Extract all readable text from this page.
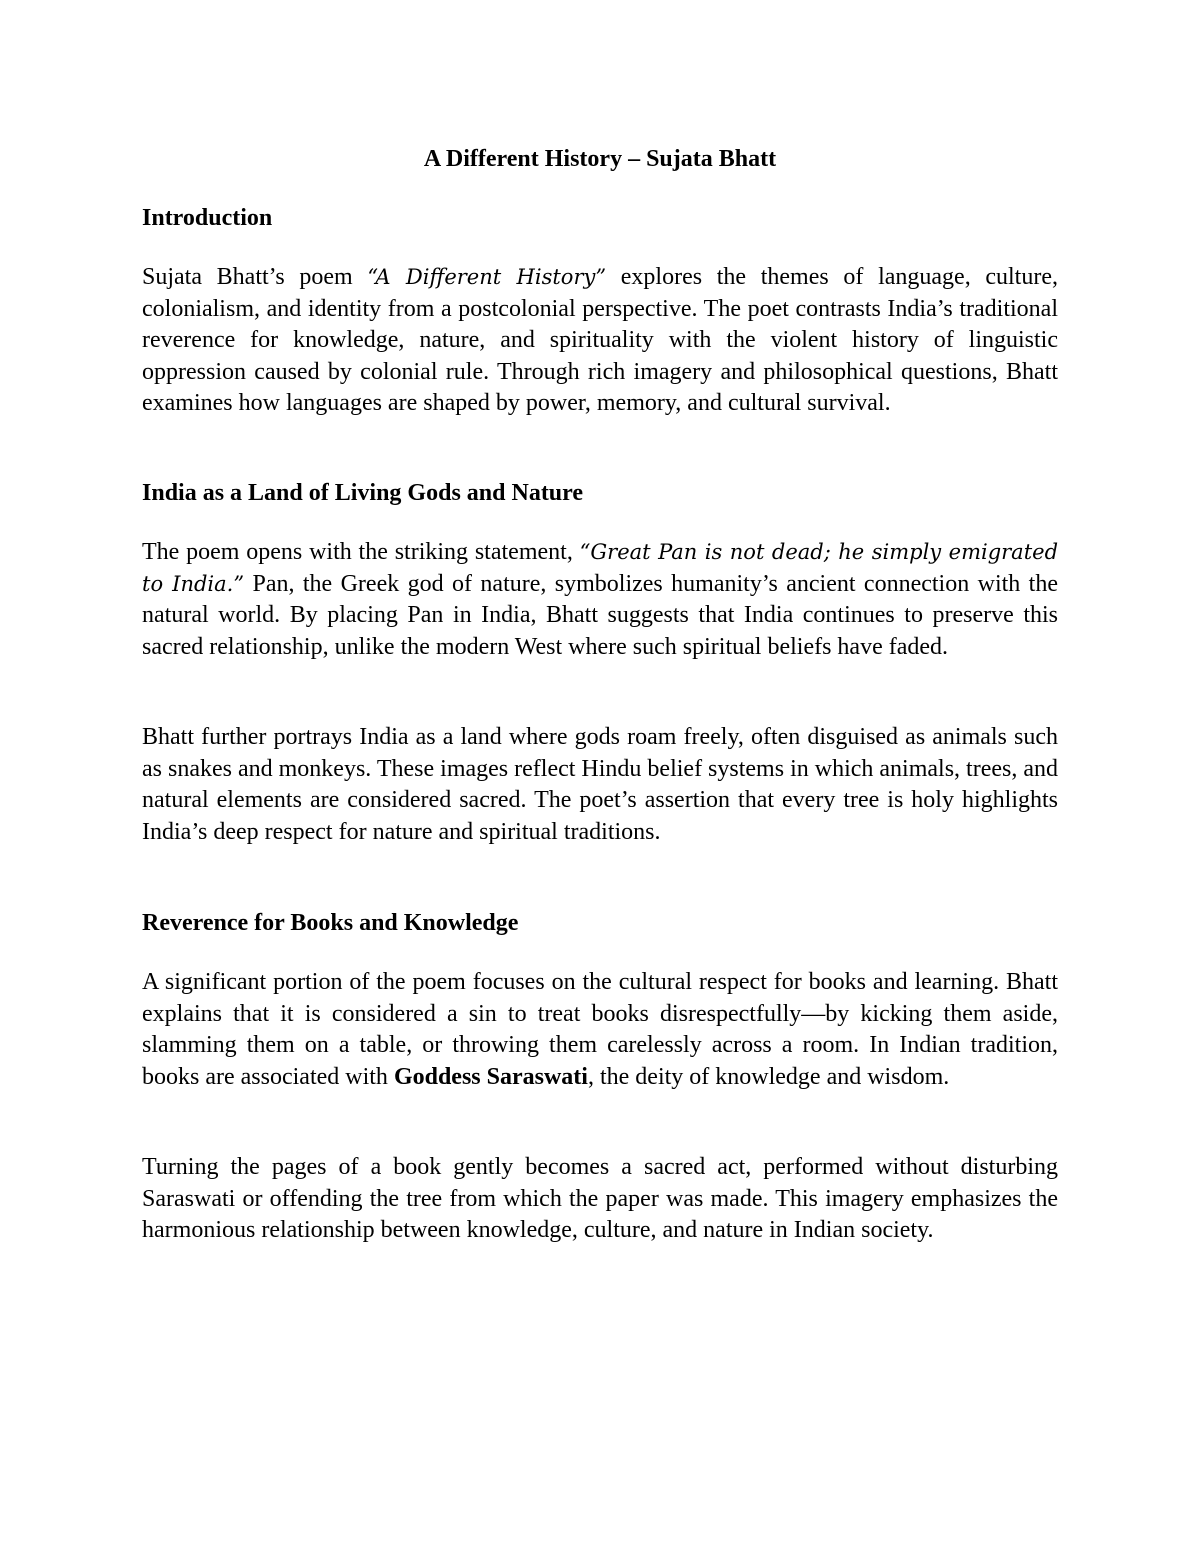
A Different History – Sujata Bhatt
Introduction

Sujata Bhatt’s poem “A Different History” explores the themes of language, culture, colonialism, and identity from a postcolonial perspective. The poet contrasts India’s traditional reverence for knowledge, nature, and spirituality with the violent history of linguistic oppression caused by colonial rule. Through rich imagery and philosophical questions, Bhatt examines how languages are shaped by power, memory, and cultural survival.

India as a Land of Living Gods and Nature

The poem opens with the striking statement, “Great Pan is not dead; he simply emigrated to India.” Pan, the Greek god of nature, symbolizes humanity’s ancient connection with the natural world. By placing Pan in India, Bhatt suggests that India continues to preserve this sacred relationship, unlike the modern West where such spiritual beliefs have faded.

Bhatt further portrays India as a land where gods roam freely, often disguised as animals such as snakes and monkeys. These images reflect Hindu belief systems in which animals, trees, and natural elements are considered sacred. The poet’s assertion that every tree is holy highlights India’s deep respect for nature and spiritual traditions.

Reverence for Books and Knowledge

A significant portion of the poem focuses on the cultural respect for books and learning. Bhatt explains that it is considered a sin to treat books disrespectfully—by kicking them aside, slamming them on a table, or throwing them carelessly across a room. In Indian tradition, books are associated with Goddess Saraswati, the deity of knowledge and wisdom.

Turning the pages of a book gently becomes a sacred act, performed without disturbing Saraswati or offending the tree from which the paper was made. This imagery emphasizes the harmonious relationship between knowledge, culture, and nature in Indian society.
